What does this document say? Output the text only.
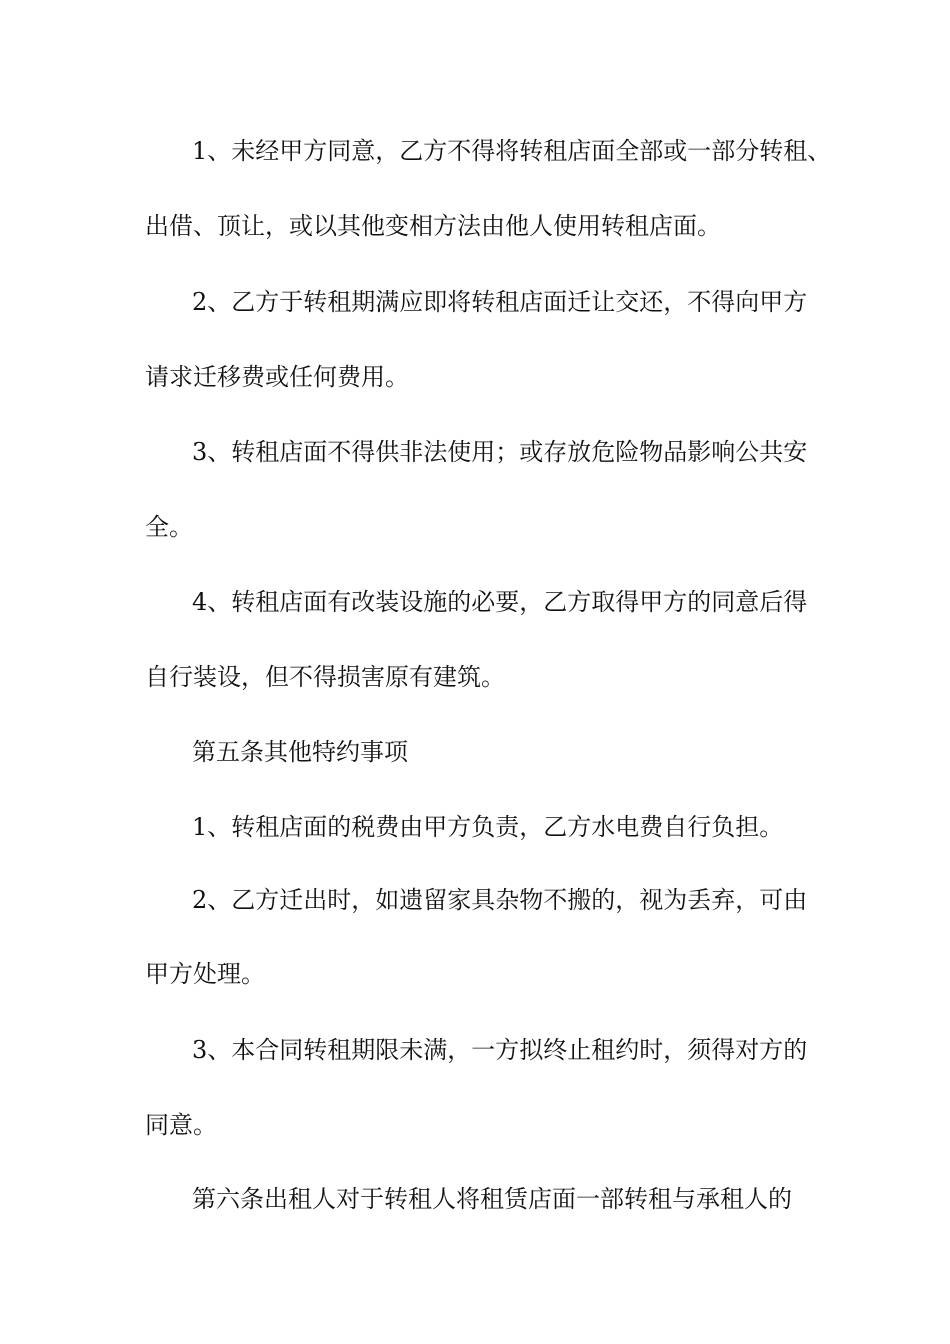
1、未经甲方同意，乙方不得将转租店面全部或一部分转租、
出借、顶让，或以其他变相方法由他人使用转租店面。
2、乙方于转租期满应即将转租店面迁让交还，不得向甲方
请求迁移费或任何费用。
3、转租店面不得供非法使用；或存放危险物品影响公共安
全。
4、转租店面有改装设施的必要，乙方取得甲方的同意后得
自行装设，但不得损害原有建筑。
第五条其他特约事项
1、转租店面的税费由甲方负责，乙方水电费自行负担。
2、乙方迁出时，如遗留家具杂物不搬的，视为丢弃，可由
甲方处理。
3、本合同转租期限未满，一方拟终止租约时，须得对方的
同意。
第六条出租人对于转租人将租赁店面一部转租与承租人的
